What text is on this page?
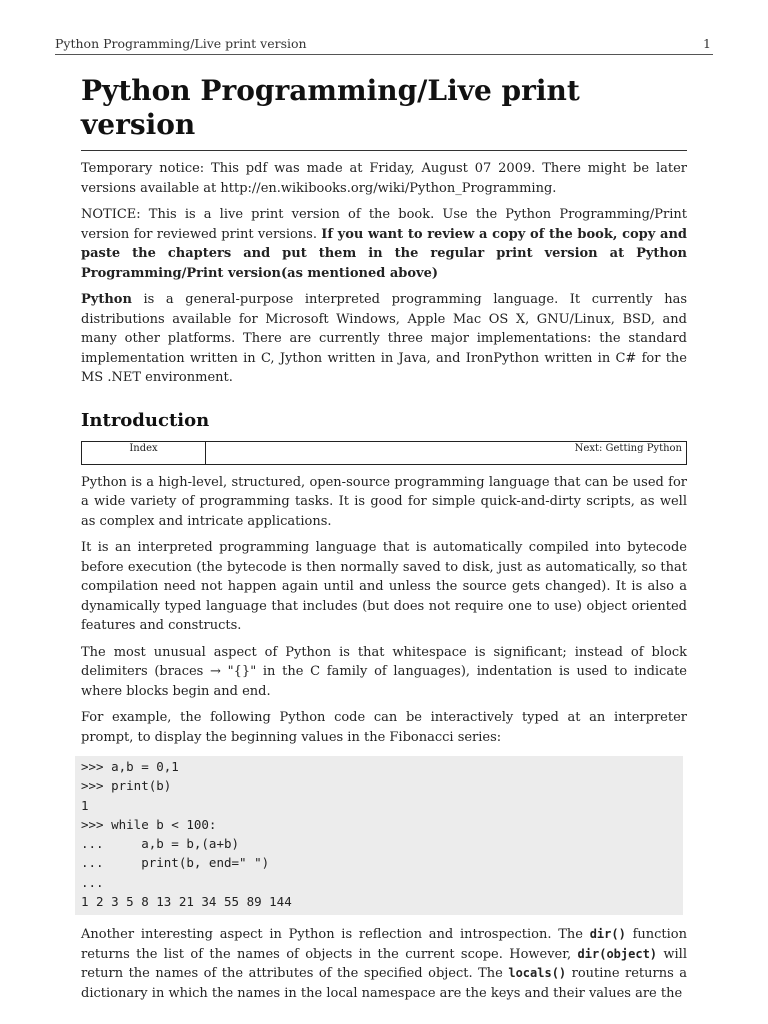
Python Programming/Live print version	1
Python Programming/Live print version

Temporary notice: This pdf was made at Friday, August 07 2009. There might be later versions available at http://en.wikibooks.org/wiki/Python_Programming.

NOTICE: This is a live print version of the book. Use the Python Programming/Print version for reviewed print versions. If you want to review a copy of the book, copy and paste the chapters and put them in the regular print version at Python Programming/Print version(as mentioned above)

Python is a general-purpose interpreted programming language. It currently has distributions available for Microsoft Windows, Apple Mac OS X, GNU/Linux, BSD, and many other platforms. There are currently three major implementations: the standard implementation written in C, Jython written in Java, and IronPython written in C# for the MS .NET environment.

Introduction
Index	Next: Getting Python

Python is a high-level, structured, open-source programming language that can be used for a wide variety of programming tasks. It is good for simple quick-and-dirty scripts, as well as complex and intricate applications.

It is an interpreted programming language that is automatically compiled into bytecode before execution (the bytecode is then normally saved to disk, just as automatically, so that compilation need not happen again until and unless the source gets changed). It is also a dynamically typed language that includes (but does not require one to use) object oriented features and constructs.

The most unusual aspect of Python is that whitespace is significant; instead of block delimiters (braces → "{}" in the C family of languages), indentation is used to indicate where blocks begin and end.

For example, the following Python code can be interactively typed at an interpreter prompt, to display the beginning values in the Fibonacci series:

>>> a,b = 0,1
>>> print(b)
1
>>> while b < 100:
...     a,b = b,(a+b)
...     print(b, end=" ")
...
1 2 3 5 8 13 21 34 55 89 144

Another interesting aspect in Python is reflection and introspection. The dir() function returns the list of the names of objects in the current scope. However, dir(object) will return the names of the attributes of the specified object. The locals() routine returns a dictionary in which the names in the local namespace are the keys and their values are the
